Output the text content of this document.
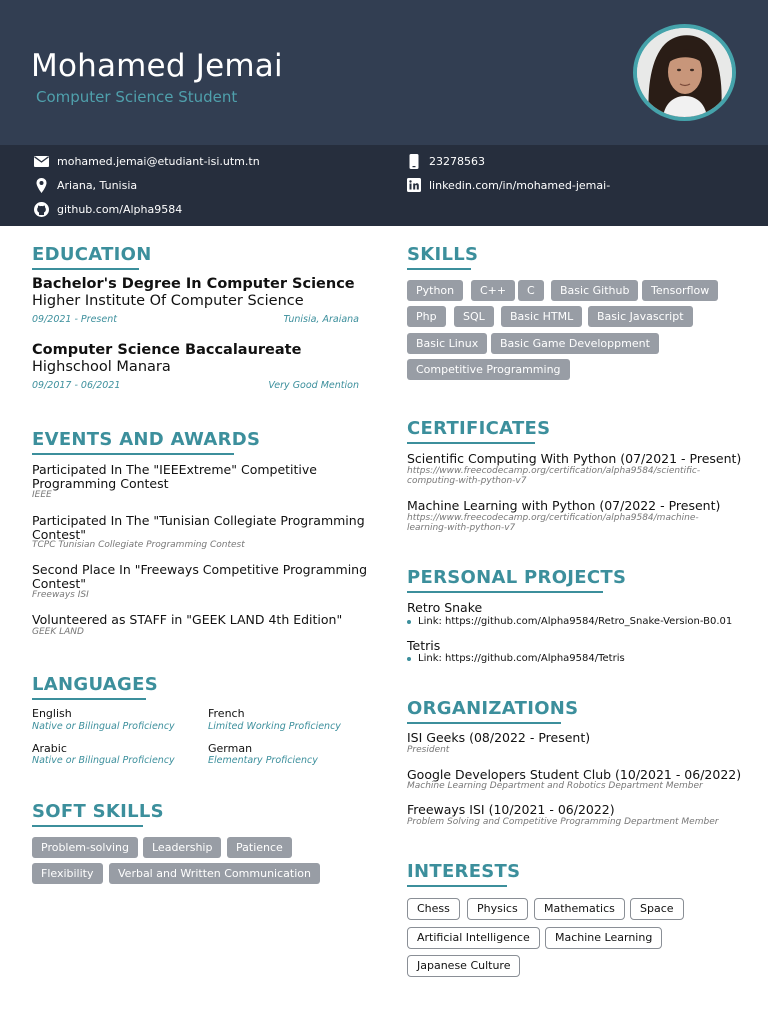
Mohamed Jemai
Computer Science Student
mohamed.jemai@etudiant-isi.utm.tn
Ariana, Tunisia
github.com/Alpha9584
23278563
linkedin.com/in/mohamed-jemai-
EDUCATION
Bachelor's Degree In Computer Science
Higher Institute Of Computer Science
09/2021 - Present	Tunisia, Araiana
Computer Science Baccalaureate
Highschool Manara
09/2017 - 06/2021	Very Good Mention
EVENTS AND AWARDS
Participated In The "IEEExtreme" Competitive
Programming Contest
IEEE
Participated In The "Tunisian Collegiate Programming
Contest"
TCPC Tunisian Collegiate Programming Contest
Second Place In "Freeways Competitive Programming
Contest"
Freeways ISI
Volunteered as STAFF in "GEEK LAND 4th Edition"
GEEK LAND
LANGUAGES
English
Native or Bilingual Proficiency
French
Limited Working Proficiency
Arabic
Native or Bilingual Proficiency
German
Elementary Proficiency
SOFT SKILLS
Problem-solving	Leadership	Patience
Flexibility	Verbal and Written Communication
SKILLS
Python	C++	C	Basic Github	Tensorflow
Php	SQL	Basic HTML	Basic Javascript
Basic Linux	Basic Game Developpment
Competitive Programming
CERTIFICATES
Scientific Computing With Python (07/2021 - Present)
https://www.freecodecamp.org/certification/alpha9584/scientific-
computing-with-python-v7
Machine Learning with Python (07/2022 - Present)
https://www.freecodecamp.org/certification/alpha9584/machine-
learning-with-python-v7
PERSONAL PROJECTS
Retro Snake
Link: https://github.com/Alpha9584/Retro_Snake-Version-B0.01
Tetris
Link: https://github.com/Alpha9584/Tetris
ORGANIZATIONS
ISI Geeks (08/2022 - Present)
President
Google Developers Student Club (10/2021 - 06/2022)
Machine Learning Department and Robotics Department Member
Freeways ISI (10/2021 - 06/2022)
Problem Solving and Competitive Programming Department Member
INTERESTS
Chess	Physics	Mathematics	Space
Artificial Intelligence	Machine Learning
Japanese Culture
